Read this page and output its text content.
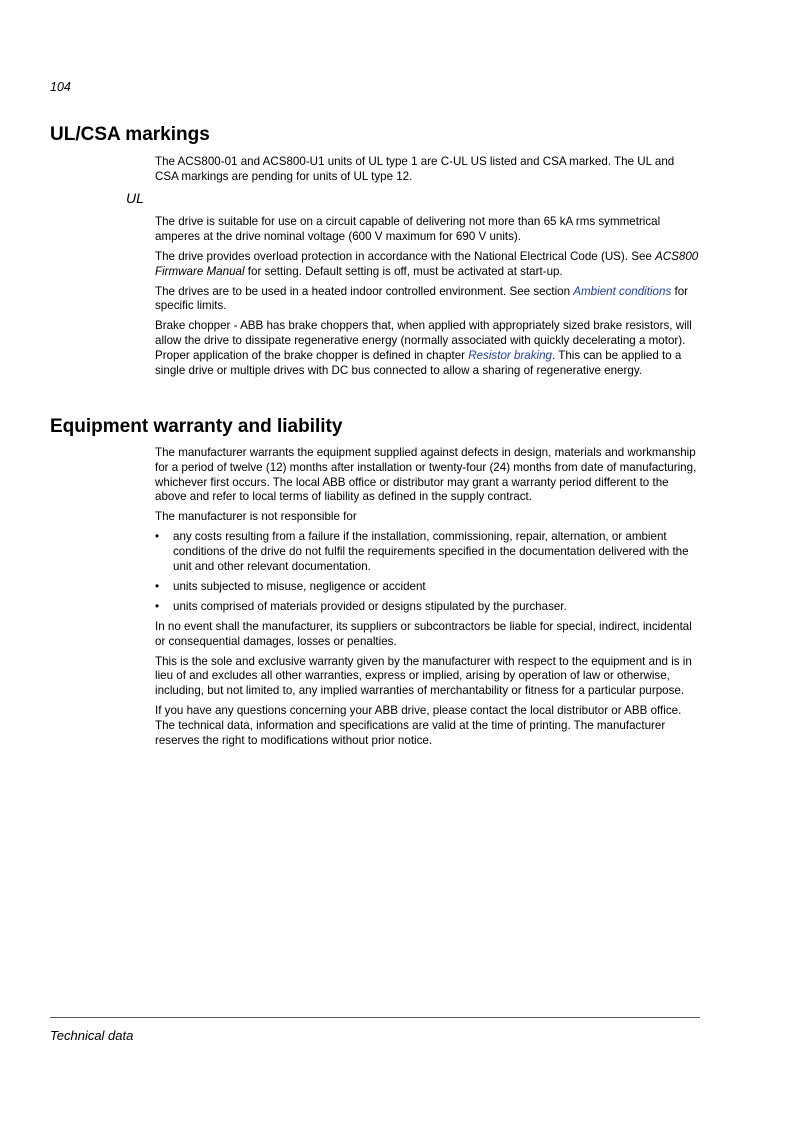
104
UL/CSA markings

The ACS800-01 and ACS800-U1 units of UL type 1 are C-UL US listed and CSA marked. The UL and CSA markings are pending for units of UL type 12.

UL

The drive is suitable for use on a circuit capable of delivering not more than 65 kA rms symmetrical amperes at the drive nominal voltage (600 V maximum for 690 V units).

The drive provides overload protection in accordance with the National Electrical Code (US). See ACS800 Firmware Manual for setting. Default setting is off, must be activated at start-up.

The drives are to be used in a heated indoor controlled environment. See section Ambient conditions for specific limits.

Brake chopper - ABB has brake choppers that, when applied with appropriately sized brake resistors, will allow the drive to dissipate regenerative energy (normally associated with quickly decelerating a motor). Proper application of the brake chopper is defined in chapter Resistor braking. This can be applied to a single drive or multiple drives with DC bus connected to allow a sharing of regenerative energy.

Equipment warranty and liability

The manufacturer warrants the equipment supplied against defects in design, materials and workmanship for a period of twelve (12) months after installation or twenty-four (24) months from date of manufacturing, whichever first occurs. The local ABB office or distributor may grant a warranty period different to the above and refer to local terms of liability as defined in the supply contract.

The manufacturer is not responsible for

• any costs resulting from a failure if the installation, commissioning, repair, alternation, or ambient conditions of the drive do not fulfil the requirements specified in the documentation delivered with the unit and other relevant documentation.
• units subjected to misuse, negligence or accident
• units comprised of materials provided or designs stipulated by the purchaser.

In no event shall the manufacturer, its suppliers or subcontractors be liable for special, indirect, incidental or consequential damages, losses or penalties.

This is the sole and exclusive warranty given by the manufacturer with respect to the equipment and is in lieu of and excludes all other warranties, express or implied, arising by operation of law or otherwise, including, but not limited to, any implied warranties of merchantability or fitness for a particular purpose.

If you have any questions concerning your ABB drive, please contact the local distributor or ABB office. The technical data, information and specifications are valid at the time of printing. The manufacturer reserves the right to modifications without prior notice.

Technical data
